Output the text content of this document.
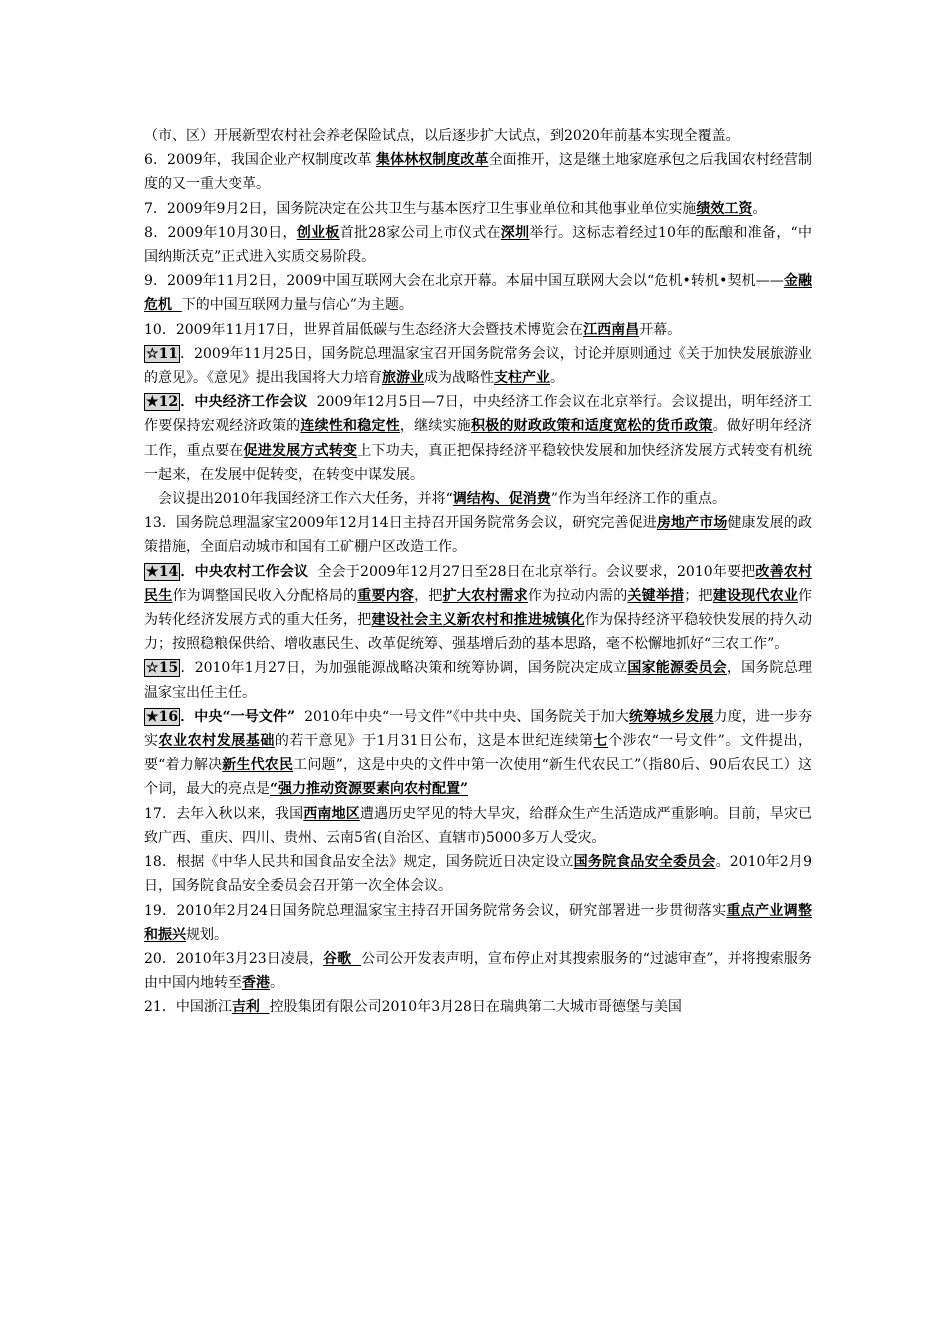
（市、区）开展新型农村社会养老保险试点，以后逐步扩大试点，到2020年前基本实现全覆盖。

6．2009年，我国企业产权制度改革 集体林权制度改革全面推开，这是继土地家庭承包之后我国农村经营制度的又一重大变革。

7．2009年9月2日，国务院决定在公共卫生与基本医疗卫生事业单位和其他事业单位实施绩效工资。

8．2009年10月30日，创业板首批28家公司上市仪式在深圳举行。这标志着经过10年的酝酿和准备，“中国纳斯沃克”正式进入实质交易阶段。

9．2009年11月2日，2009中国互联网大会在北京开幕。本届中国互联网大会以“危机•转机•契机——金融危机  下的中国互联网力量与信心”为主题。

10．2009年11月17日，世界首届低碳与生态经济大会暨技术博览会在江西南昌开幕。

☆11 ．2009年11月25日，国务院总理温家宝召开国务院常务会议，讨论并原则通过《关于加快发展旅游业的意见》。《意见》提出我国将大力培育旅游业成为战略性支柱产业。

★12 ．中央经济工作会议  2009年12月5日—7日，中央经济工作会议在北京举行。会议提出，明年经济工作要保持宏观经济政策的连续性和稳定性，继续实施积极的财政政策和适度宽松的货币政策。做好明年经济工作，重点要在促进发展方式转变上下功夫，真正把保持经济平稳较快发展和加快经济发展方式转变有机统一起来，在发展中促转变，在转变中谋发展。

会议提出2010年我国经济工作六大任务，并将“调结构、促消费”作为当年经济工作的重点。

13．国务院总理温家宝2009年12月14日主持召开国务院常务会议，研究完善促进房地产市场健康发展的政策措施，全面启动城市和国有工矿棚户区改造工作。

★14 ．中央农村工作会议  全会于2009年12月27日至28日在北京举行。会议要求，2010年要把改善农村民生作为调整国民收入分配格局的重要内容，把扩大农村需求作为拉动内需的关键举措；把建设现代农业作为转化经济发展方式的重大任务，把建设社会主义新农村和推进城镇化作为保持经济平稳较快发展的持久动力；按照稳粮保供给、增收惠民生、改革促统筹、强基增后劲的基本思路，毫不松懈地抓好“三农工作”。

☆15 ．2010年1月27日，为加强能源战略决策和统筹协调，国务院决定成立国家能源委员会，国务院总理温家宝出任主任。

★16 ．中央“一号文件”  2010年中央“一号文件”《中共中央、国务院关于加大统筹城乡发展力度，进一步夯实农业农村发展基础的若干意见》于1月31日公布，这是本世纪连续第七个涉农“一号文件”。文件提出，要“着力解决新生代农民工问题”，这是中央的文件中第一次使用“新生代农民工”（指80后、90后农民工）这个词，最大的亮点是“强力推动资源要素向农村配置”

17．去年入秋以来，我国西南地区遭遇历史罕见的特大旱灾，给群众生产生活造成严重影响。目前，旱灾已致广西、重庆、四川、贵州、云南5省(自治区、直辖市)5000多万人受灾。

18．根据《中华人民共和国食品安全法》规定，国务院近日决定设立国务院食品安全委员会。2010年2月9日，国务院食品安全委员会召开第一次全体会议。

19．2010年2月24日国务院总理温家宝主持召开国务院常务会议，研究部署进一步贯彻落实重点产业调整和振兴规划。

20．2010年3月23日凌晨，谷歌  公司公开发表声明，宣布停止对其搜索服务的“过滤审查”，并将搜索服务由中国内地转至香港。

21．中国浙江吉利  控股集团有限公司2010年3月28日在瑞典第二大城市哥德堡与美国
